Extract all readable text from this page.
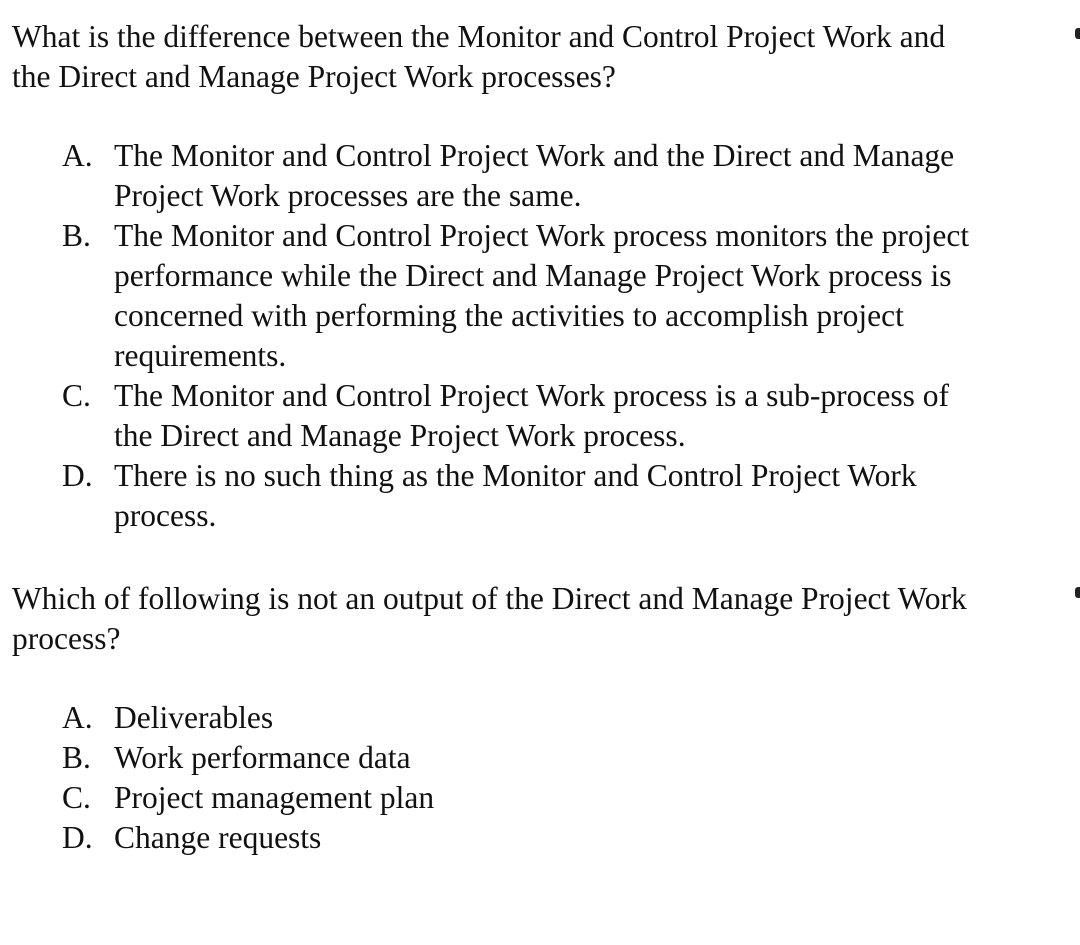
What is the difference between the Monitor and Control Project Work and
the Direct and Manage Project Work processes?

A. The Monitor and Control Project Work and the Direct and Manage
Project Work processes are the same.
B. The Monitor and Control Project Work process monitors the project
performance while the Direct and Manage Project Work process is
concerned with performing the activities to accomplish project
requirements.
C. The Monitor and Control Project Work process is a sub-process of
the Direct and Manage Project Work process.
D. There is no such thing as the Monitor and Control Project Work
process.

Which of following is not an output of the Direct and Manage Project Work
process?

A. Deliverables
B. Work performance data
C. Project management plan
D. Change requests
